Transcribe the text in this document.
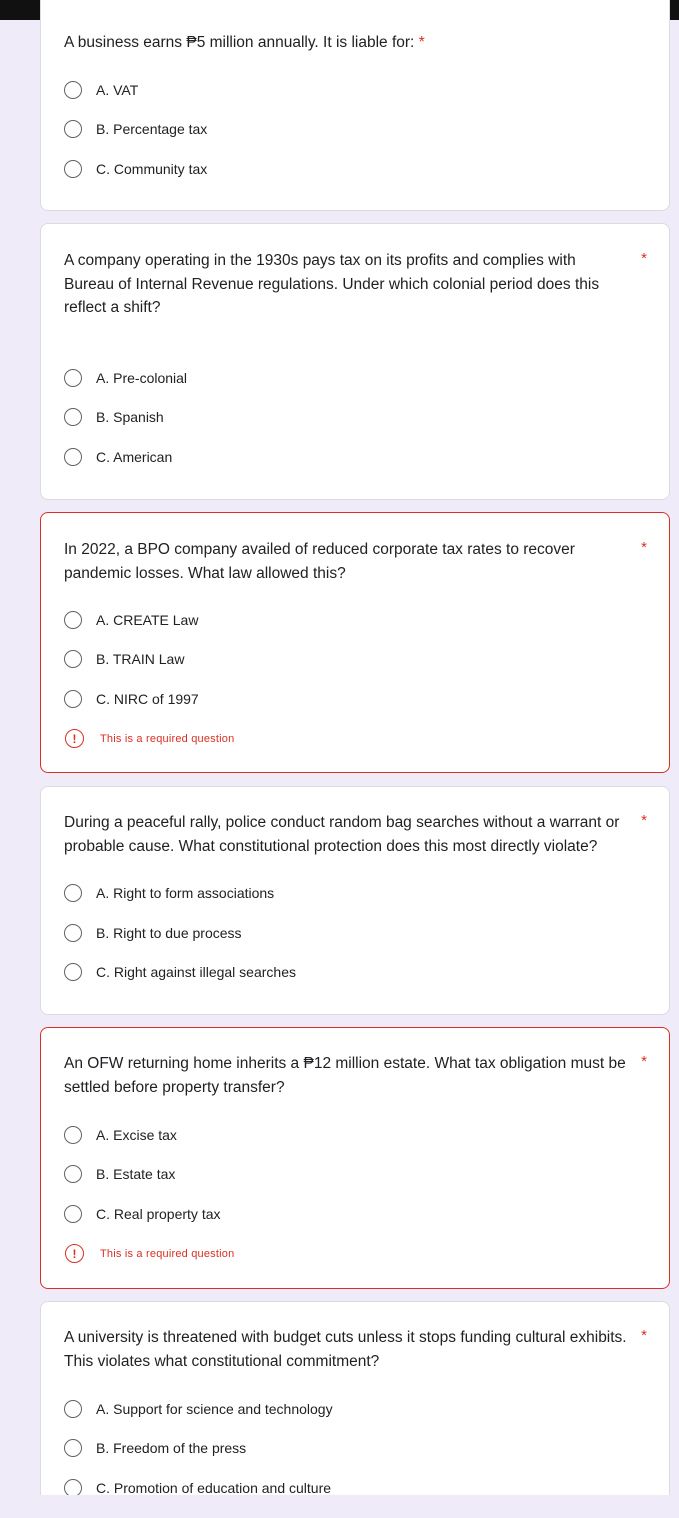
A business earns ₱5 million annually. It is liable for: *
A. VAT
B. Percentage tax
C. Community tax
A company operating in the 1930s pays tax on its profits and complies with Bureau of Internal Revenue regulations. Under which colonial period does this reflect a shift?
*
A. Pre-colonial
B. Spanish
C. American
In 2022, a BPO company availed of reduced corporate tax rates to recover pandemic losses. What law allowed this?
*
A. CREATE Law
B. TRAIN Law
C. NIRC of 1997
!	This is a required question
During a peaceful rally, police conduct random bag searches without a warrant or probable cause. What constitutional protection does this most directly violate?
*
A. Right to form associations
B. Right to due process
C. Right against illegal searches
An OFW returning home inherits a ₱12 million estate. What tax obligation must be settled before property transfer?
*
A. Excise tax
B. Estate tax
C. Real property tax
!	This is a required question
A university is threatened with budget cuts unless it stops funding cultural exhibits. This violates what constitutional commitment?
*
A. Support for science and technology
B. Freedom of the press
C. Promotion of education and culture
